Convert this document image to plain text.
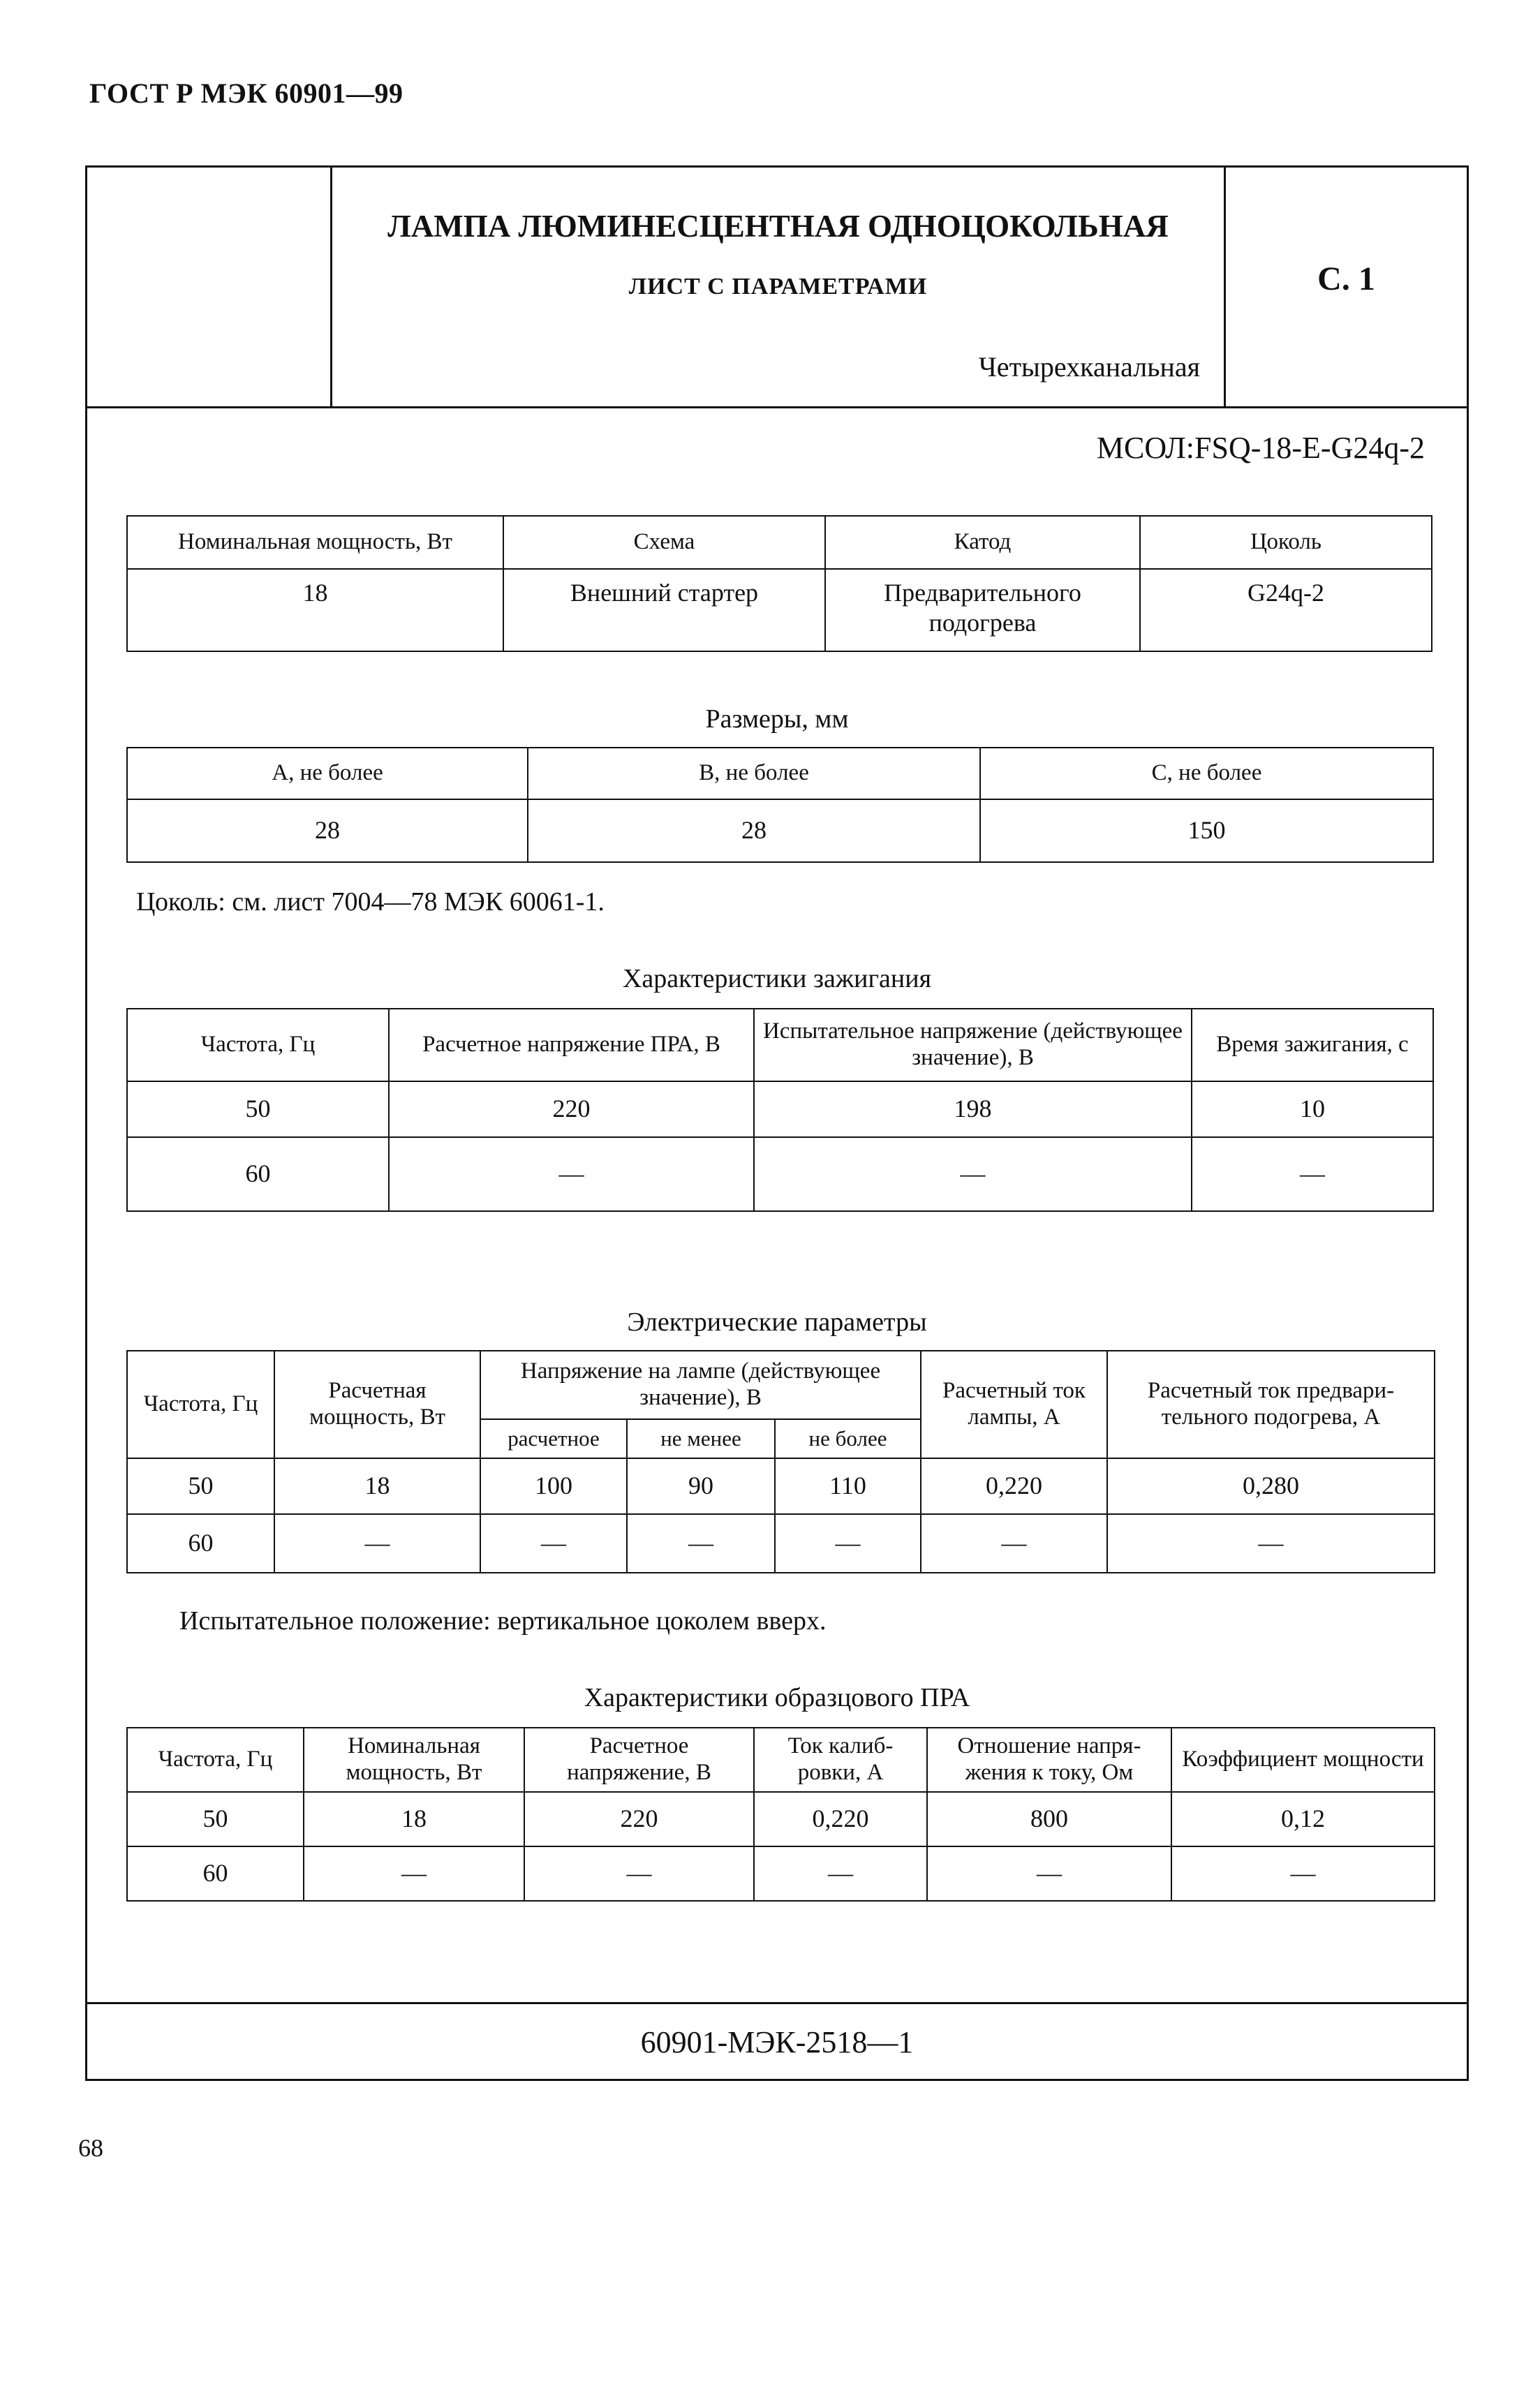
ГОСТ Р МЭК 60901—99
ЛАМПА ЛЮМИНЕСЦЕНТНАЯ ОДНОЦОКОЛЬНАЯ
ЛИСТ С ПАРАМЕТРАМИ
Четырехканальная
С. 1
МСОЛ:FSQ-18-E-G24q-2
Номинальная мощность, Вт	Схема	Катод	Цоколь
18	Внешний стартер	Предварительного подогрева	G24q-2
Размеры, мм
A, не более	B, не более	C, не более
28	28	150
Цоколь: см. лист 7004—78 МЭК 60061-1.
Характеристики зажигания
Частота, Гц	Расчетное напряжение ПРА, В	Испытательное напряжение (действующее значение), В	Время зажигания, с
50	220	198	10
60	—	—	—
Электрические параметры
Частота, Гц	Расчетная мощность, Вт	Напряжение на лампе (действующее значение), В			Расчетный ток лампы, А	Расчетный ток предвари-тельного подогрева, А
		расчетное	не менее	не более		
50	18	100	90	110	0,220	0,280
60	—	—	—	—	—	—
Испытательное положение: вертикальное цоколем вверх.
Характеристики образцового ПРА
Частота, Гц	Номинальная мощность, Вт	Расчетное напряжение, В	Ток калиб-ровки, А	Отношение напря-жения к току, Ом	Коэффициент мощности
50	18	220	0,220	800	0,12
60	—	—	—	—	—
60901-МЭК-2518—1
68
